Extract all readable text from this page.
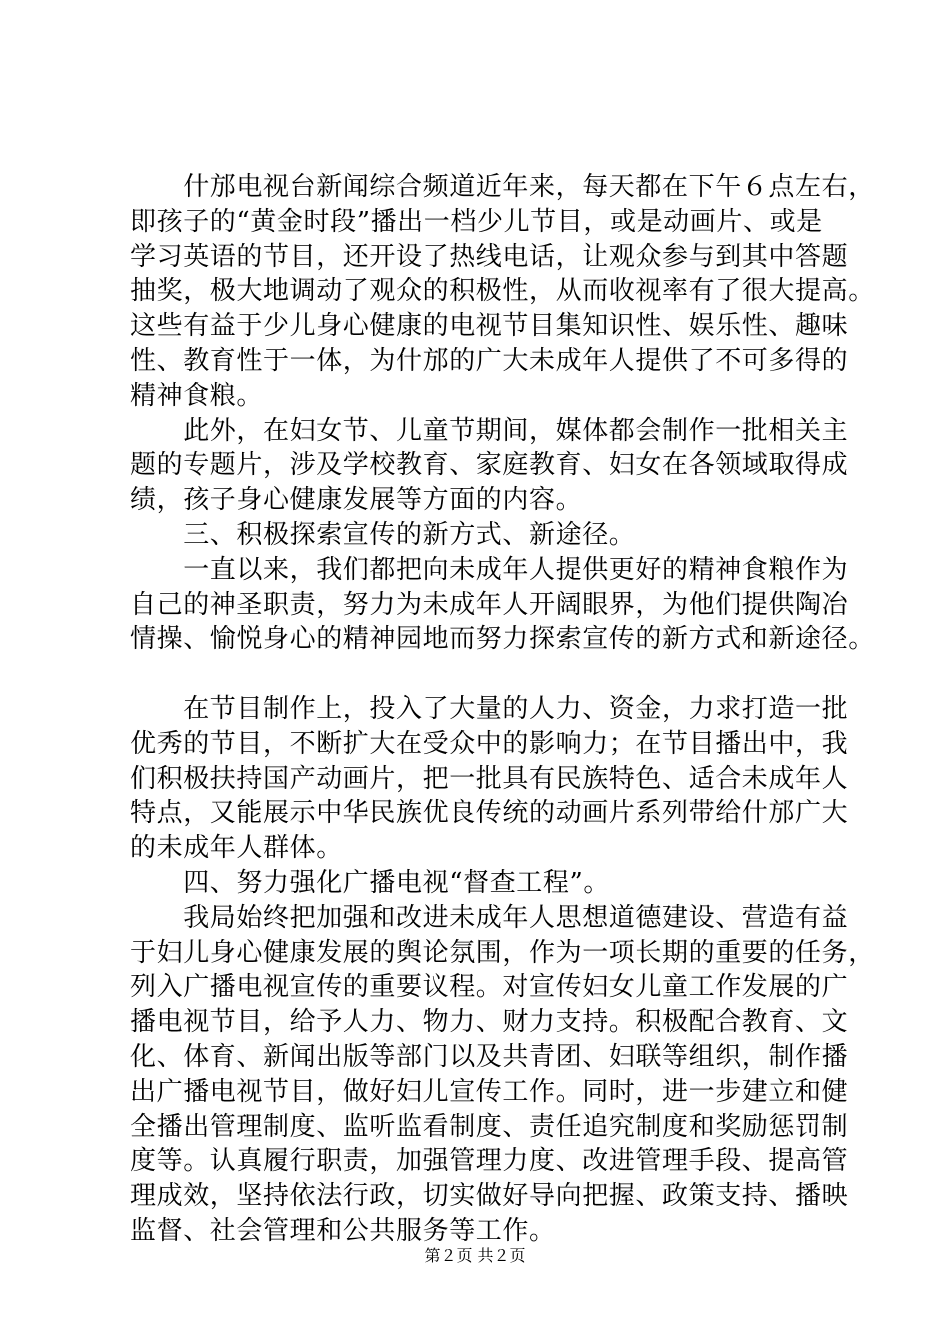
　　什邡电视台新闻综合频道近年来，每天都在下午６点左右，
即孩子的“黄金时段”播出一档少儿节目，或是动画片、或是
学习英语的节目，还开设了热线电话，让观众参与到其中答题
抽奖，极大地调动了观众的积极性，从而收视率有了很大提高。
这些有益于少儿身心健康的电视节目集知识性、娱乐性、趣味
性、教育性于一体，为什邡的广大未成年人提供了不可多得的
精神食粮。
　　此外，在妇女节、儿童节期间，媒体都会制作一批相关主
题的专题片，涉及学校教育、家庭教育、妇女在各领域取得成
绩，孩子身心健康发展等方面的内容。
　　三、积极探索宣传的新方式、新途径。
　　一直以来，我们都把向未成年人提供更好的精神食粮作为
自己的神圣职责，努力为未成年人开阔眼界，为他们提供陶冶
情操、愉悦身心的精神园地而努力探索宣传的新方式和新途径。
　　在节目制作上，投入了大量的人力、资金，力求打造一批
优秀的节目，不断扩大在受众中的影响力；在节目播出中，我
们积极扶持国产动画片，把一批具有民族特色、适合未成年人
特点，又能展示中华民族优良传统的动画片系列带给什邡广大
的未成年人群体。
　　四、努力强化广播电视“督查工程”。
　　我局始终把加强和改进未成年人思想道德建设、营造有益
于妇儿身心健康发展的舆论氛围，作为一项长期的重要的任务，
列入广播电视宣传的重要议程。对宣传妇女儿童工作发展的广
播电视节目，给予人力、物力、财力支持。积极配合教育、文
化、体育、新闻出版等部门以及共青团、妇联等组织，制作播
出广播电视节目，做好妇儿宣传工作。同时，进一步建立和健
全播出管理制度、监听监看制度、责任追究制度和奖励惩罚制
度等。认真履行职责，加强管理力度、改进管理手段、提高管
理成效，坚持依法行政，切实做好导向把握、政策支持、播映
监督、社会管理和公共服务等工作。
第２页 共２页
